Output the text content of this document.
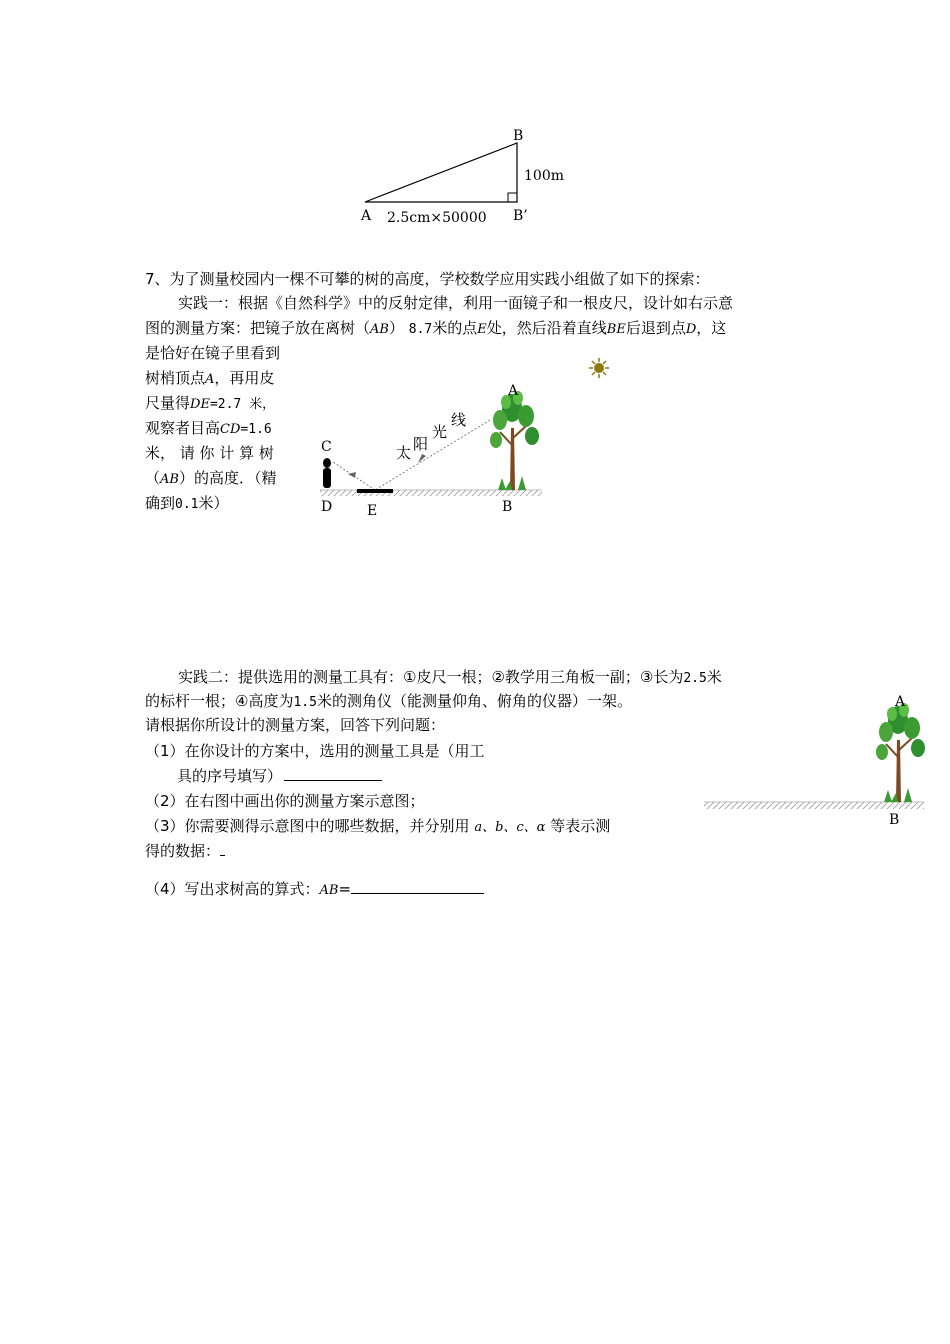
B
A	B’
100m
2.5cm×50000
7、为了测量校园内一棵不可攀的树的高度，学校数学应用实践小组做了如下的探索：
实践一：根据《自然科学》中的反射定律，利用一面镜子和一根皮尺，设计如右示意
图的测量方案：把镜子放在离树（AB） 8.7米的点E处，然后沿着直线BE后退到点D，这
是恰好在镜子里看到
树梢顶点A，再用皮
尺量得DE=2.7 米，
观察者目高CD=1.6
米， 请 你 计 算 树
（AB）的高度．（精
确到0.1米）
A
B
C
D E
太 阳
光
线
实践二：提供选用的测量工具有：①皮尺一根；②教学用三角板一副；③长为2.5米
的标杆一根；④高度为1.5米的测角仪（能测量仰角、俯角的仪器）一架。
请根据你所设计的测量方案，回答下列问题：
（1）在你设计的方案中，选用的测量工具是（用工
具的序号填写）
（2）在右图中画出你的测量方案示意图；
（3）你需要测得示意图中的哪些数据，并分别用 a、b、c、α 等表示测
得的数据：
（4）写出求树高的算式：AB=
A
B
